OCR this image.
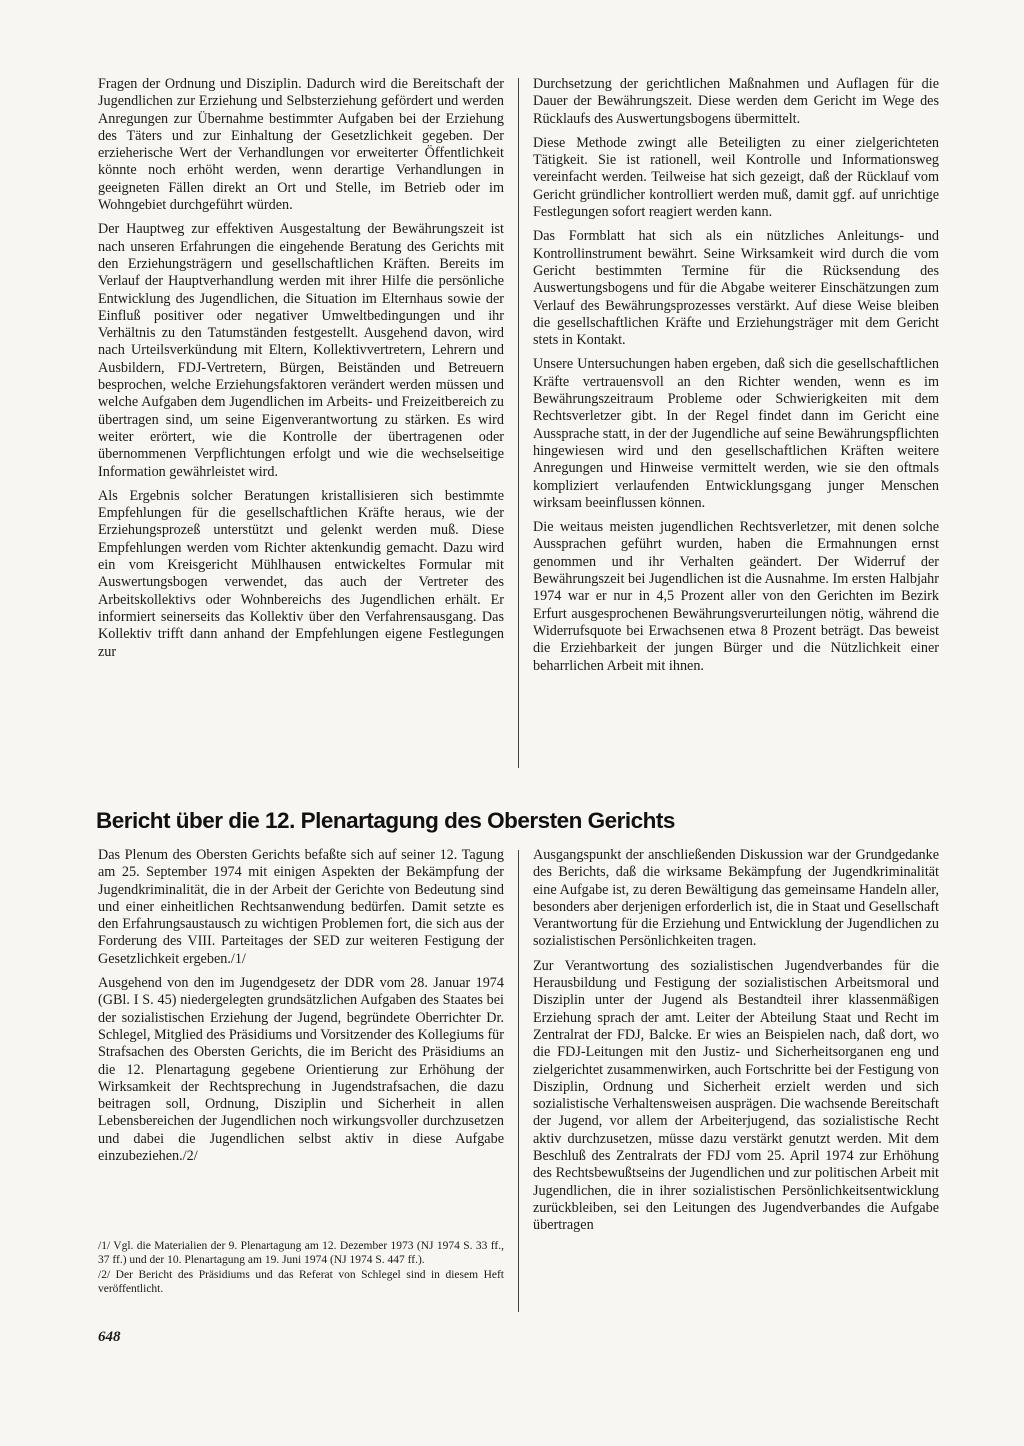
Fragen der Ordnung und Disziplin. Dadurch wird die Bereitschaft der Jugendlichen zur Erziehung und Selbsterziehung gefördert und werden Anregungen zur Übernahme bestimmter Aufgaben bei der Erziehung des Täters und zur Einhaltung der Gesetzlichkeit gegeben. Der erzieherische Wert der Verhandlungen vor erweiterter Öffentlichkeit könnte noch erhöht werden, wenn derartige Verhandlungen in geeigneten Fällen direkt an Ort und Stelle, im Betrieb oder im Wohngebiet durchgeführt würden.

Der Hauptweg zur effektiven Ausgestaltung der Bewährungszeit ist nach unseren Erfahrungen die eingehende Beratung des Gerichts mit den Erziehungsträgern und gesellschaftlichen Kräften. Bereits im Verlauf der Hauptverhandlung werden mit ihrer Hilfe die persönliche Entwicklung des Jugendlichen, die Situation im Elternhaus sowie der Einfluß positiver oder negativer Umweltbedingungen und ihr Verhältnis zu den Tatumständen festgestellt. Ausgehend davon, wird nach Urteilsverkündung mit Eltern, Kollektivvertretern, Lehrern und Ausbildern, FDJ-Vertretern, Bürgen, Beiständen und Betreuern besprochen, welche Erziehungsfaktoren verändert werden müssen und welche Aufgaben dem Jugendlichen im Arbeits- und Freizeitbereich zu übertragen sind, um seine Eigenverantwortung zu stärken. Es wird weiter erörtert, wie die Kontrolle der übertragenen oder übernommenen Verpflichtungen erfolgt und wie die wechselseitige Information gewährleistet wird.

Als Ergebnis solcher Beratungen kristallisieren sich bestimmte Empfehlungen für die gesellschaftlichen Kräfte heraus, wie der Erziehungsprozeß unterstützt und gelenkt werden muß. Diese Empfehlungen werden vom Richter aktenkundig gemacht. Dazu wird ein vom Kreisgericht Mühlhausen entwickeltes Formular mit Auswertungsbogen verwendet, das auch der Vertreter des Arbeitskollektivs oder Wohnbereichs des Jugendlichen erhält. Er informiert seinerseits das Kollektiv über den Verfahrensausgang. Das Kollektiv trifft dann anhand der Empfehlungen eigene Festlegungen zur

Durchsetzung der gerichtlichen Maßnahmen und Auflagen für die Dauer der Bewährungszeit. Diese werden dem Gericht im Wege des Rücklaufs des Auswertungsbogens übermittelt.

Diese Methode zwingt alle Beteiligten zu einer zielgerichteten Tätigkeit. Sie ist rationell, weil Kontrolle und Informationsweg vereinfacht werden. Teilweise hat sich gezeigt, daß der Rücklauf vom Gericht gründlicher kontrolliert werden muß, damit ggf. auf unrichtige Festlegungen sofort reagiert werden kann.

Das Formblatt hat sich als ein nützliches Anleitungs- und Kontrollinstrument bewährt. Seine Wirksamkeit wird durch die vom Gericht bestimmten Termine für die Rücksendung des Auswertungsbogens und für die Abgabe weiterer Einschätzungen zum Verlauf des Bewährungsprozesses verstärkt. Auf diese Weise bleiben die gesellschaftlichen Kräfte und Erziehungsträger mit dem Gericht stets in Kontakt.

Unsere Untersuchungen haben ergeben, daß sich die gesellschaftlichen Kräfte vertrauensvoll an den Richter wenden, wenn es im Bewährungszeitraum Probleme oder Schwierigkeiten mit dem Rechtsverletzer gibt. In der Regel findet dann im Gericht eine Aussprache statt, in der der Jugendliche auf seine Bewährungspflichten hingewiesen wird und den gesellschaftlichen Kräften weitere Anregungen und Hinweise vermittelt werden, wie sie den oftmals kompliziert verlaufenden Entwicklungsgang junger Menschen wirksam beeinflussen können.

Die weitaus meisten jugendlichen Rechtsverletzer, mit denen solche Aussprachen geführt wurden, haben die Ermahnungen ernst genommen und ihr Verhalten geändert. Der Widerruf der Bewährungszeit bei Jugendlichen ist die Ausnahme. Im ersten Halbjahr 1974 war er nur in 4,5 Prozent aller von den Gerichten im Bezirk Erfurt ausgesprochenen Bewährungsverurteilungen nötig, während die Widerrufsquote bei Erwachsenen etwa 8 Prozent beträgt. Das beweist die Erziehbarkeit der jungen Bürger und die Nützlichkeit einer beharrlichen Arbeit mit ihnen.

Bericht über die 12. Plenartagung des Obersten Gerichts

Das Plenum des Obersten Gerichts befaßte sich auf seiner 12. Tagung am 25. September 1974 mit einigen Aspekten der Bekämpfung der Jugendkriminalität, die in der Arbeit der Gerichte von Bedeutung sind und einer einheitlichen Rechtsanwendung bedürfen. Damit setzte es den Erfahrungsaustausch zu wichtigen Problemen fort, die sich aus der Forderung des VIII. Parteitages der SED zur weiteren Festigung der Gesetzlichkeit ergeben./1/

Ausgehend von den im Jugendgesetz der DDR vom 28. Januar 1974 (GBl. I S. 45) niedergelegten grundsätzlichen Aufgaben des Staates bei der sozialistischen Erziehung der Jugend, begründete Oberrichter Dr. Schlegel, Mitglied des Präsidiums und Vorsitzender des Kollegiums für Strafsachen des Obersten Gerichts, die im Bericht des Präsidiums an die 12. Plenartagung gegebene Orientierung zur Erhöhung der Wirksamkeit der Rechtsprechung in Jugendstrafsachen, die dazu beitragen soll, Ordnung, Disziplin und Sicherheit in allen Lebensbereichen der Jugendlichen noch wirkungsvoller durchzusetzen und dabei die Jugendlichen selbst aktiv in diese Aufgabe einzubeziehen./2/

/1/ Vgl. die Materialien der 9. Plenartagung am 12. Dezember 1973 (NJ 1974 S. 33 ff., 37 ff.) und der 10. Plenartagung am 19. Juni 1974 (NJ 1974 S. 447 ff.).

/2/ Der Bericht des Präsidiums und das Referat von Schlegel sind in diesem Heft veröffentlicht.

Ausgangspunkt der anschließenden Diskussion war der Grundgedanke des Berichts, daß die wirksame Bekämpfung der Jugendkriminalität eine Aufgabe ist, zu deren Bewältigung das gemeinsame Handeln aller, besonders aber derjenigen erforderlich ist, die in Staat und Gesellschaft Verantwortung für die Erziehung und Entwicklung der Jugendlichen zu sozialistischen Persönlichkeiten tragen.

Zur Verantwortung des sozialistischen Jugendverbandes für die Herausbildung und Festigung der sozialistischen Arbeitsmoral und Disziplin unter der Jugend als Bestandteil ihrer klassenmäßigen Erziehung sprach der amt. Leiter der Abteilung Staat und Recht im Zentralrat der FDJ, Balcke. Er wies an Beispielen nach, daß dort, wo die FDJ-Leitungen mit den Justiz- und Sicherheitsorganen eng und zielgerichtet zusammenwirken, auch Fortschritte bei der Festigung von Disziplin, Ordnung und Sicherheit erzielt werden und sich sozialistische Verhaltensweisen ausprägen. Die wachsende Bereitschaft der Jugend, vor allem der Arbeiterjugend, das sozialistische Recht aktiv durchzusetzen, müsse dazu verstärkt genutzt werden. Mit dem Beschluß des Zentralrats der FDJ vom 25. April 1974 zur Erhöhung des Rechtsbewußtseins der Jugendlichen und zur politischen Arbeit mit Jugendlichen, die in ihrer sozialistischen Persönlichkeitsentwicklung zurückbleiben, sei den Leitungen des Jugendverbandes die Aufgabe übertragen

648
